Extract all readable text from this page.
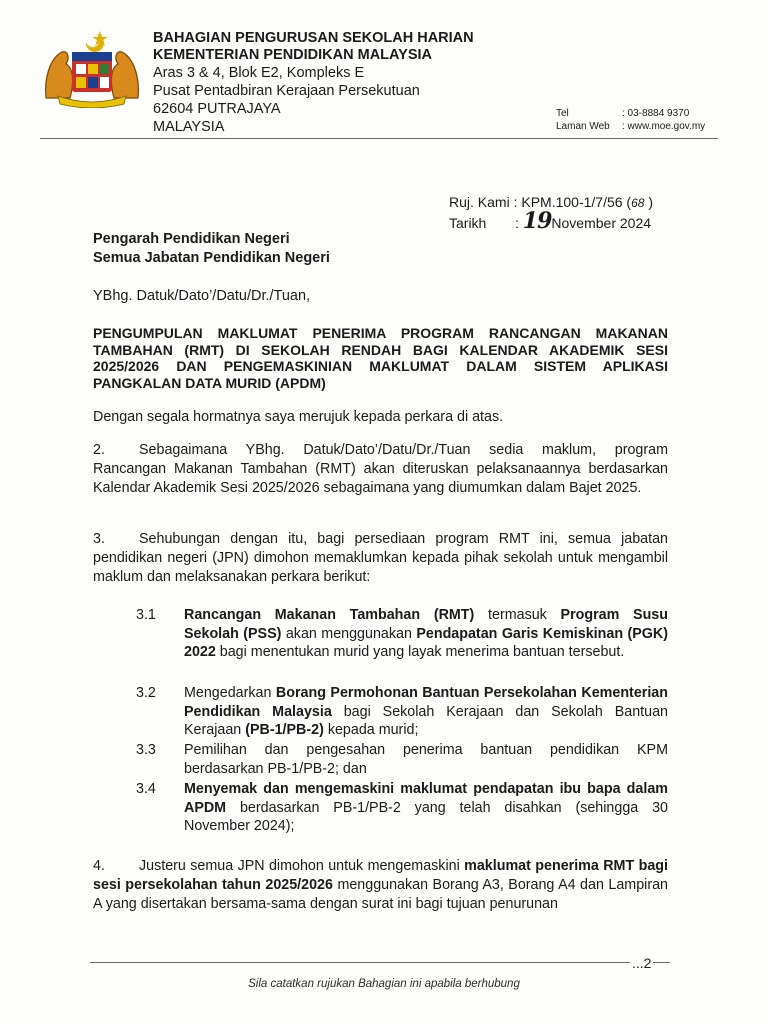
BAHAGIAN PENGURUSAN SEKOLAH HARIAN
KEMENTERIAN PENDIDIKAN MALAYSIA
Aras 3 & 4, Blok E2, Kompleks E
Pusat Pentadbiran Kerajaan Persekutuan
62604 PUTRAJAYA
MALAYSIA
Tel	: 03-8884 9370
Laman Web : www.moe.gov.my
Ruj. Kami : KPM.100-1/7/56 (68 )
Tarikh : 19November 2024
Pengarah Pendidikan Negeri
Semua Jabatan Pendidikan Negeri
YBhg. Datuk/Dato’/Datu/Dr./Tuan,
PENGUMPULAN MAKLUMAT PENERIMA PROGRAM RANCANGAN MAKANAN TAMBAHAN (RMT) DI SEKOLAH RENDAH BAGI KALENDAR AKADEMIK SESI 2025/2026 DAN PENGEMASKINIAN MAKLUMAT DALAM SISTEM APLIKASI PANGKALAN DATA MURID (APDM)
Dengan segala hormatnya saya merujuk kepada perkara di atas.

2. Sebagaimana YBhg. Datuk/Dato’/Datu/Dr./Tuan sedia maklum, program Rancangan Makanan Tambahan (RMT) akan diteruskan pelaksanaannya berdasarkan Kalendar Akademik Sesi 2025/2026 sebagaimana yang diumumkan dalam Bajet 2025.

3. Sehubungan dengan itu, bagi persediaan program RMT ini, semua jabatan pendidikan negeri (JPN) dimohon memaklumkan kepada pihak sekolah untuk mengambil maklum dan melaksanakan perkara berikut:

3.1 Rancangan Makanan Tambahan (RMT) termasuk Program Susu Sekolah (PSS) akan menggunakan Pendapatan Garis Kemiskinan (PGK) 2022 bagi menentukan murid yang layak menerima bantuan tersebut.
3.2 Mengedarkan Borang Permohonan Bantuan Persekolahan Kementerian Pendidikan Malaysia bagi Sekolah Kerajaan dan Sekolah Bantuan Kerajaan (PB-1/PB-2) kepada murid;
3.3 Pemilihan dan pengesahan penerima bantuan pendidikan KPM berdasarkan PB-1/PB-2; dan
3.4 Menyemak dan mengemaskini maklumat pendapatan ibu bapa dalam APDM berdasarkan PB-1/PB-2 yang telah disahkan (sehingga 30 November 2024);

4. Justeru semua JPN dimohon untuk mengemaskini maklumat penerima RMT bagi sesi persekolahan tahun 2025/2026 menggunakan Borang A3, Borang A4 dan Lampiran A yang disertakan bersama-sama dengan surat ini bagi tujuan penurunan

...2
Sila catatkan rujukan Bahagian ini apabila berhubung
